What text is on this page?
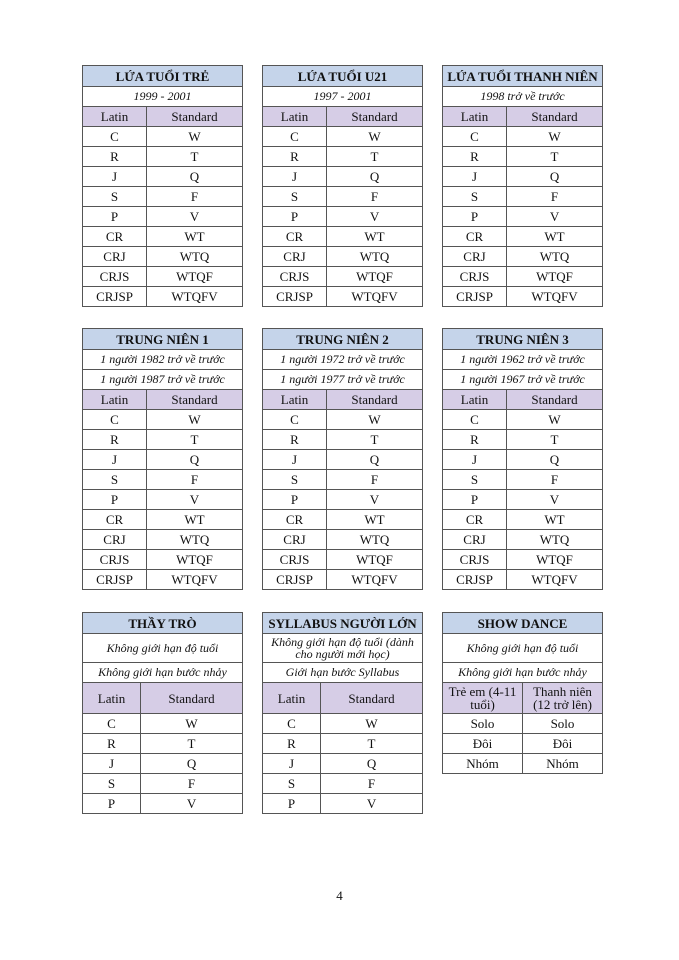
LỨA TUỔI TRẺ	
1999 - 2001	
Latin	Standard
C	W
R	T
J	Q
S	F
P	V
CR	WT
CRJ	WTQ
CRJS	WTQF
CRJSP	WTQFV
LỨA TUỔI U21	
1997 - 2001	
Latin	Standard
C	W
R	T
J	Q
S	F
P	V
CR	WT
CRJ	WTQ
CRJS	WTQF
CRJSP	WTQFV
LỨA TUỔI THANH NIÊN	
1998 trở về trước	
Latin	Standard
C	W
R	T
J	Q
S	F
P	V
CR	WT
CRJ	WTQ
CRJS	WTQF
CRJSP	WTQFV
TRUNG NIÊN 1	
1 người 1982 trở về trước	
1 người 1987 trở về trước	
Latin	Standard
C	W
R	T
J	Q
S	F
P	V
CR	WT
CRJ	WTQ
CRJS	WTQF
CRJSP	WTQFV
TRUNG NIÊN 2	
1 người 1972 trở về trước	
1 người 1977 trở về trước	
Latin	Standard
C	W
R	T
J	Q
S	F
P	V
CR	WT
CRJ	WTQ
CRJS	WTQF
CRJSP	WTQFV
TRUNG NIÊN 3	
1 người 1962 trở về trước	
1 người 1967 trở về trước	
Latin	Standard
C	W
R	T
J	Q
S	F
P	V
CR	WT
CRJ	WTQ
CRJS	WTQF
CRJSP	WTQFV
THẦY TRÒ	
Không giới hạn độ tuổi	
Không giới hạn bước nhảy	
Latin	Standard
C	W
R	T
J	Q
S	F
P	V
SYLLABUS NGƯỜI LỚN	
Không giới hạn độ tuổi (dành cho người mới học)	
Giới hạn bước Syllabus	
Latin	Standard
C	W
R	T
J	Q
S	F
P	V
SHOW DANCE	
Không giới hạn độ tuổi	
Không giới hạn bước nhảy	
Trẻ em (4-11 tuổi)	Thanh niên (12 trở lên)
Solo	Solo
Đôi	Đôi
Nhóm	Nhóm
4
